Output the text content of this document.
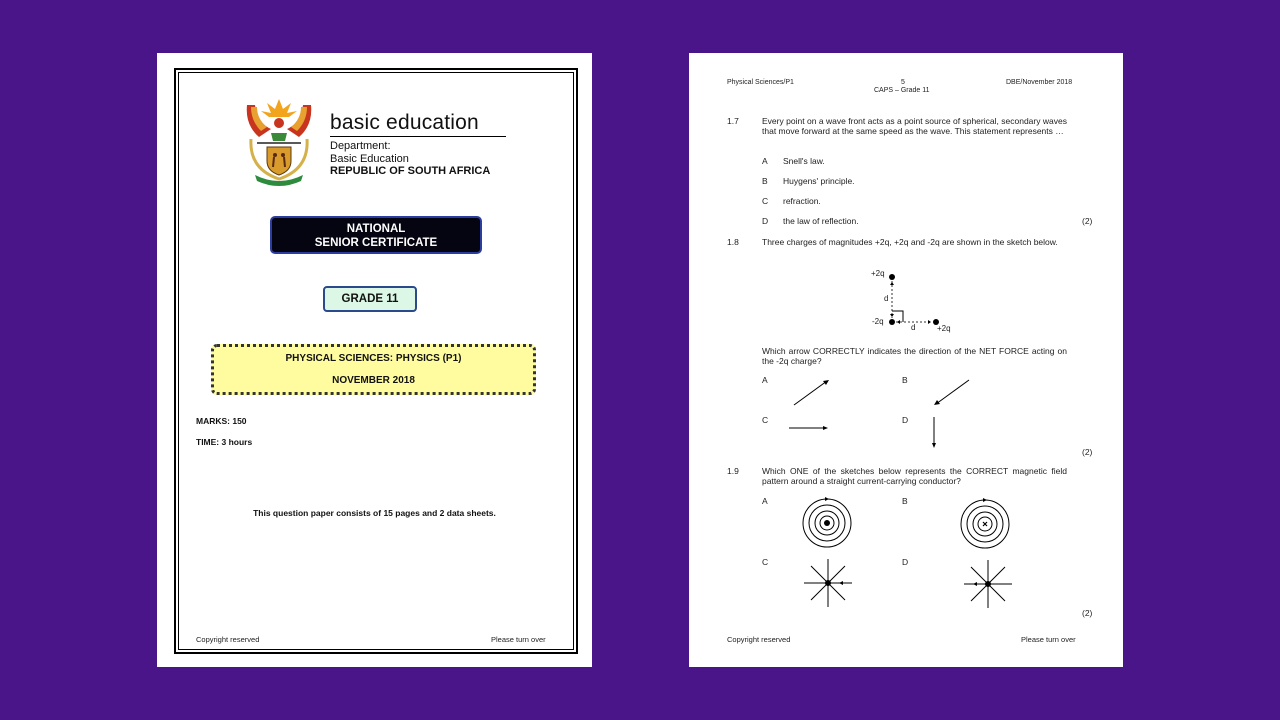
basic education
Department:
Basic Education
REPUBLIC OF SOUTH AFRICA
NATIONAL
SENIOR CERTIFICATE
GRADE 11
PHYSICAL SCIENCES: PHYSICS (P1)
NOVEMBER 2018
MARKS: 150
TIME: 3 hours
This question paper consists of 15 pages and 2 data sheets.
Copyright reserved	Please turn over
Physical Sciences/P1	5
CAPS – Grade 11
DBE/November 2018
1.7	Every point on a wave front acts as a point source of spherical, secondary waves that move forward at the same speed as the wave. This statement represents …
A Snell's law.
B Huygens' principle.
C refraction.
D the law of reflection.	(2)
1.8	Three charges of magnitudes +2q, +2q and -2q are shown in the sketch below.
+2q
-2q
+2q
d
d
Which arrow CORRECTLY indicates the direction of the NET FORCE acting on the -2q charge?
A	B
C	D
(2)
1.9	Which ONE of the sketches below represents the CORRECT magnetic field pattern around a straight current-carrying conductor?
A	B
C	D
(2)
Copyright reserved	Please turn over
